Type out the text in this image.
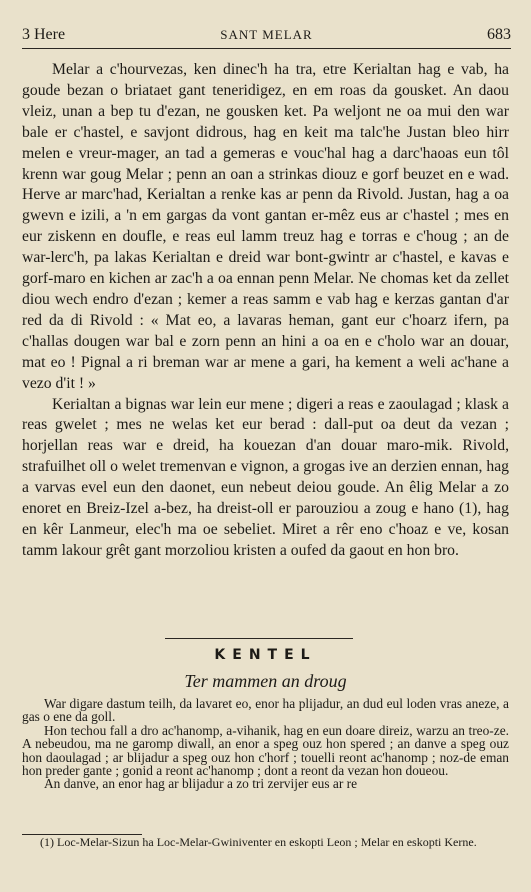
3 Here	SANT MELAR	683

Melar a c'hourvezas, ken dinec'h ha tra, etre Kerialtan hag e vab, ha goude bezan o briataet gant teneridigez, en em roas da gousket. An daou vleiz, unan a bep tu d'ezan, ne gousken ket. Pa weljont ne oa mui den war bale er c'hastel, e savjont didrous, hag en keit ma talc'he Justan bleo hirr melen e vreur-mager, an tad a gemeras e vouc'hal hag a darc'haoas eun tôl krenn war goug Melar ; penn an oan a strinkas diouz e gorf beuzet en e wad. Herve ar marc'had, Kerialtan a renke kas ar penn da Rivold. Justan, hag a oa gwevn e izili, a 'n em gargas da vont gantan er-mêz eus ar c'hastel ; mes en eur ziskenn en doufle, e reas eul lamm treuz hag e torras e c'houg ; an de war-lerc'h, pa lakas Kerialtan e dreid war bont-gwintr ar c'hastel, e kavas e gorf-maro en kichen ar zac'h a oa ennan penn Melar. Ne chomas ket da zellet diou wech endro d'ezan ; kemer a reas samm e vab hag e kerzas gantan d'ar red da di Rivold : « Mat eo, a lavaras heman, gant eur c'hoarz ifern, pa c'hallas dougen war bal e zorn penn an hini a oa en e c'holo war an douar, mat eo ! Pignal a ri breman war ar mene a gari, ha kement a weli ac'hane a vezo d'it ! »

Kerialtan a bignas war lein eur mene ; digeri a reas e zaoulagad ; klask a reas gwelet ; mes ne welas ket eur berad : dall-put oa deut da vezan ; horjellan reas war e dreid, ha kouezan d'an douar maro-mik. Rivold, strafuilhet oll o welet tremenvan e vignon, a grogas ive an derzien ennan, hag a varvas evel eun den daonet, eun nebeut deiou goude. An êlig Melar a zo enoret en Breiz-Izel a-bez, ha dreist-oll er parouziou a zoug e hano (1), hag en kêr Lanmeur, elec'h ma oe sebeliet. Miret a rêr eno c'hoaz e ve, kosan tamm lakour grêt gant morzoliou kristen a oufed da gaout en hon bro.

KENTEL
Ter mammen an droug

War digare dastum teilh, da lavaret eo, enor ha plijadur, an dud eul loden vras aneze, a gas o ene da goll.

Hon techou fall a dro ac'hanomp, a-vihanik, hag en eun doare direiz, warzu an treo-ze. A nebeudou, ma ne garomp diwall, an enor a speg ouz hon spered ; an danve a speg ouz hon daoulagad ; ar blijadur a speg ouz hon c'horf ; touelli reont ac'hanomp ; noz-de eman hon preder gante ; gonid a reont ac'hanomp ; dont a reont da vezan hon doueou.

An danve, an enor hag ar blijadur a zo tri zervijer eus ar re

(1) Loc-Melar-Sizun ha Loc-Melar-Gwiniventer en eskopti Leon ; Melar en eskopti Kerne.
